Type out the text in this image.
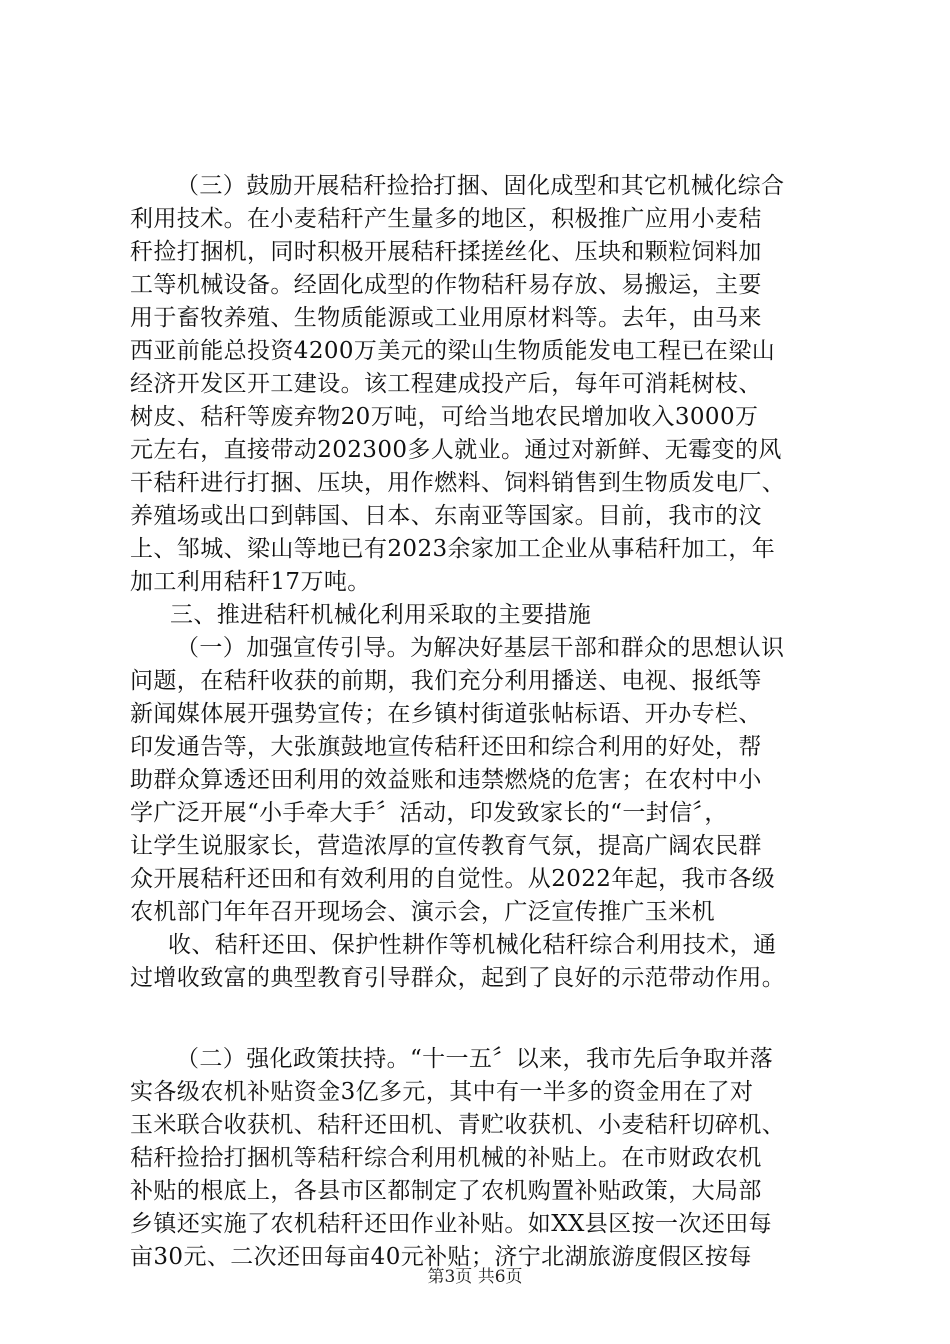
（三）鼓励开展秸秆捡拾打捆、固化成型和其它机械化综合
利用技术。在小麦秸秆产生量多的地区，积极推广应用小麦秸
秆捡打捆机，同时积极开展秸秆揉搓丝化、压块和颗粒饲料加
工等机械设备。经固化成型的作物秸秆易存放、易搬运，主要
用于畜牧养殖、生物质能源或工业用原材料等。去年，由马来
西亚前能总投资4200万美元的梁山生物质能发电工程已在梁山
经济开发区开工建设。该工程建成投产后，每年可消耗树枝、
树皮、秸秆等废弃物20万吨，可给当地农民增加收入3000万
元左右，直接带动202300多人就业。通过对新鲜、无霉变的风
干秸秆进行打捆、压块，用作燃料、饲料销售到生物质发电厂、
养殖场或出口到韩国、日本、东南亚等国家。目前，我市的汶
上、邹城、梁山等地已有2023余家加工企业从事秸秆加工，年
加工利用秸秆17万吨。
三、推进秸秆机械化利用采取的主要措施
（一）加强宣传引导。为解决好基层干部和群众的思想认识
问题，在秸秆收获的前期，我们充分利用播送、电视、报纸等
新闻媒体展开强势宣传；在乡镇村街道张帖标语、开办专栏、
印发通告等，大张旗鼓地宣传秸秆还田和综合利用的好处，帮
助群众算透还田利用的效益账和违禁燃烧的危害；在农村中小
学广泛开展“小手牵大手〞活动，印发致家长的“一封信〞，
让学生说服家长，营造浓厚的宣传教育气氛，提高广阔农民群
众开展秸秆还田和有效利用的自觉性。从2022年起，我市各级
农机部门年年召开现场会、演示会，广泛宣传推广玉米机
收、秸秆还田、保护性耕作等机械化秸秆综合利用技术，通
过增收致富的典型教育引导群众，起到了良好的示范带动作用。
（二）强化政策扶持。“十一五〞以来，我市先后争取并落
实各级农机补贴资金3亿多元，其中有一半多的资金用在了对
玉米联合收获机、秸秆还田机、青贮收获机、小麦秸秆切碎机、
秸秆捡拾打捆机等秸秆综合利用机械的补贴上。在市财政农机
补贴的根底上，各县市区都制定了农机购置补贴政策，大局部
乡镇还实施了农机秸秆还田作业补贴。如XX县区按一次还田每
亩30元、二次还田每亩40元补贴；济宁北湖旅游度假区按每
第3页 共6页
